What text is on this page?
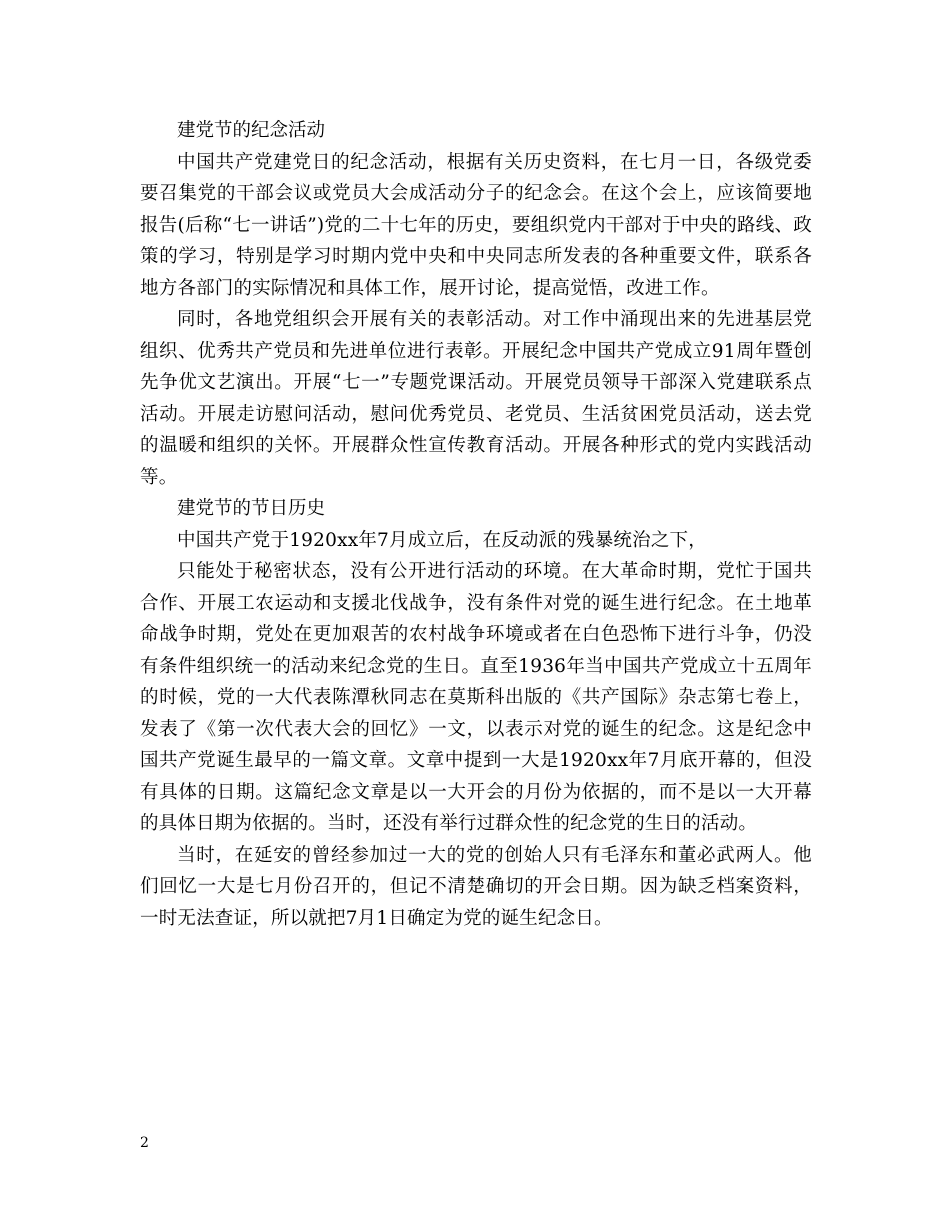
建党节的纪念活动

中国共产党建党日的纪念活动，根据有关历史资料，在七月一日，各级党委要召集党的干部会议或党员大会成活动分子的纪念会。在这个会上，应该简要地报告(后称“七一讲话”)党的二十七年的历史，要组织党内干部对于中央的路线、政策的学习，特别是学习时期内党中央和中央同志所发表的各种重要文件，联系各地方各部门的实际情况和具体工作，展开讨论，提高觉悟，改进工作。

同时，各地党组织会开展有关的表彰活动。对工作中涌现出来的先进基层党组织、优秀共产党员和先进单位进行表彰。开展纪念中国共产党成立91周年暨创先争优文艺演出。开展“七一”专题党课活动。开展党员领导干部深入党建联系点活动。开展走访慰问活动，慰问优秀党员、老党员、生活贫困党员活动，送去党的温暖和组织的关怀。开展群众性宣传教育活动。开展各种形式的党内实践活动等。

建党节的节日历史

中国共产党于1920xx年7月成立后，在反动派的残暴统治之下，

只能处于秘密状态，没有公开进行活动的环境。在大革命时期，党忙于国共合作、开展工农运动和支援北伐战争，没有条件对党的诞生进行纪念。在土地革命战争时期，党处在更加艰苦的农村战争环境或者在白色恐怖下进行斗争，仍没有条件组织统一的活动来纪念党的生日。直至1936年当中国共产党成立十五周年的时候，党的一大代表陈潭秋同志在莫斯科出版的《共产国际》杂志第七卷上，发表了《第一次代表大会的回忆》一文，以表示对党的诞生的纪念。这是纪念中国共产党诞生最早的一篇文章。文章中提到一大是1920xx年7月底开幕的，但没有具体的日期。这篇纪念文章是以一大开会的月份为依据的，而不是以一大开幕的具体日期为依据的。当时，还没有举行过群众性的纪念党的生日的活动。

当时，在延安的曾经参加过一大的党的创始人只有毛泽东和董必武两人。他们回忆一大是七月份召开的，但记不清楚确切的开会日期。因为缺乏档案资料，一时无法查证，所以就把7月1日确定为党的诞生纪念日。

2
